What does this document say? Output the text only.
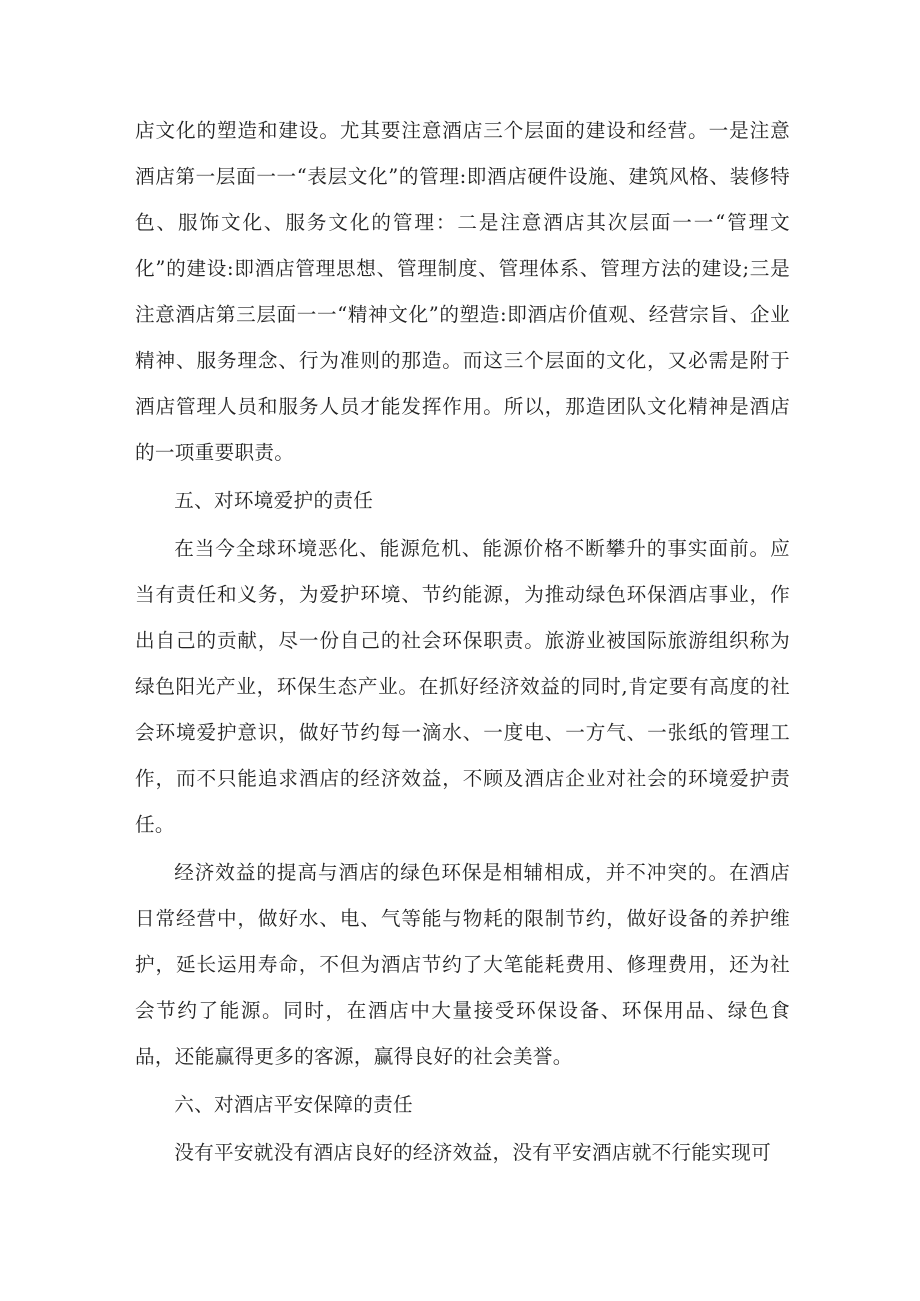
店文化的塑造和建设。尤其要注意酒店三个层面的建设和经营。一是注意酒店第一层面一一“表层文化”的管理:即酒店硬件设施、建筑风格、装修特色、服饰文化、服务文化的管理：二是注意酒店其次层面一一“管理文化”的建设:即酒店管理思想、管理制度、管理体系、管理方法的建设;三是注意酒店第三层面一一“精神文化”的塑造:即酒店价值观、经营宗旨、企业精神、服务理念、行为准则的那造。而这三个层面的文化，又必需是附于酒店管理人员和服务人员才能发挥作用。所以，那造团队文化精神是酒店的一项重要职责。

五、对环境爱护的责任

在当今全球环境恶化、能源危机、能源价格不断攀升的事实面前。应当有责任和义务，为爱护环境、节约能源，为推动绿色环保酒店事业，作出自己的贡献，尽一份自己的社会环保职责。旅游业被国际旅游组织称为绿色阳光产业，环保生态产业。在抓好经济效益的同时,肯定要有高度的社会环境爱护意识，做好节约每一滴水、一度电、一方气、一张纸的管理工作，而不只能追求酒店的经济效益，不顾及酒店企业对社会的环境爱护责任。

经济效益的提高与酒店的绿色环保是相辅相成，并不冲突的。在酒店日常经营中，做好水、电、气等能与物耗的限制节约，做好设备的养护维护，延长运用寿命，不但为酒店节约了大笔能耗费用、修理费用，还为社会节约了能源。同时，在酒店中大量接受环保设备、环保用品、绿色食品，还能赢得更多的客源，赢得良好的社会美誉。

六、对酒店平安保障的责任

没有平安就没有酒店良好的经济效益，没有平安酒店就不行能实现可
